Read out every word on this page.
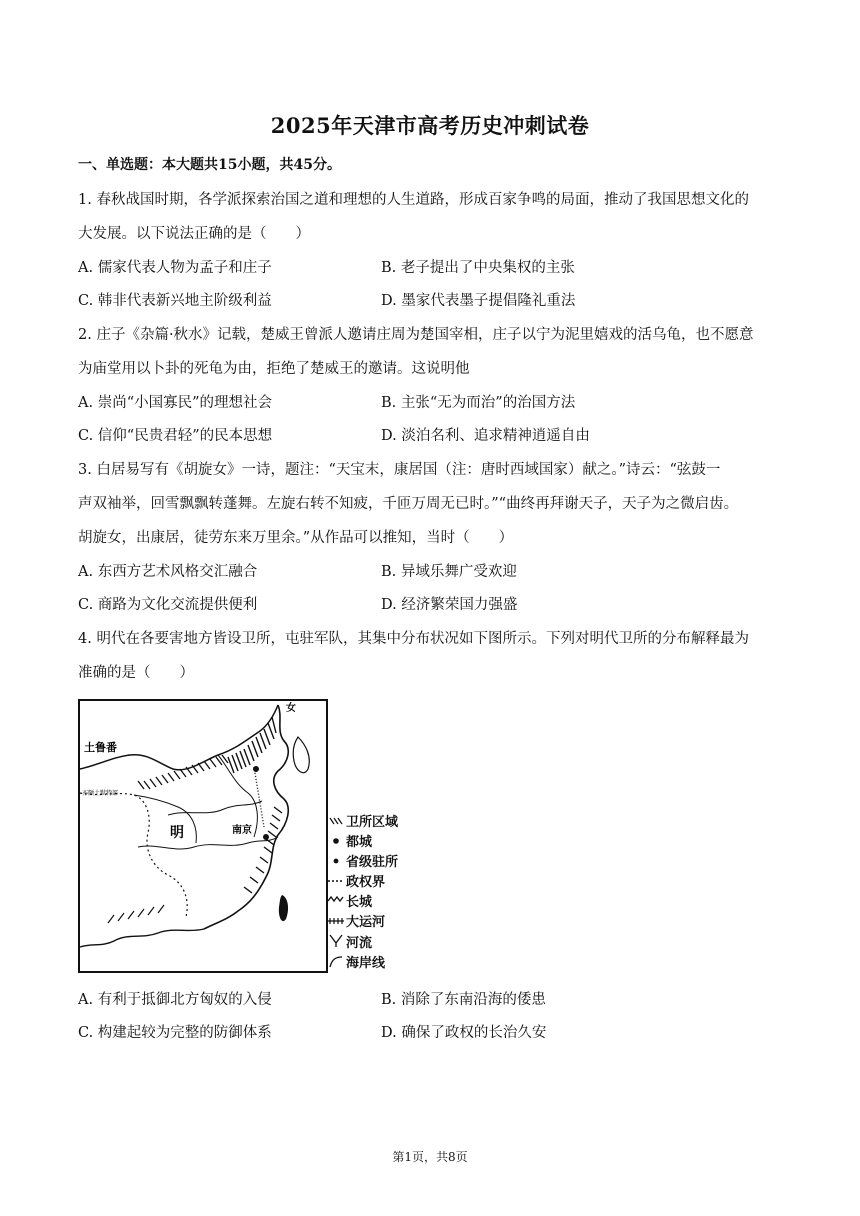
2025年天津市高考历史冲刺试卷
一、单选题：本大题共15小题，共45分。
1. 春秋战国时期，各学派探索治国之道和理想的人生道路，形成百家争鸣的局面，推动了我国思想文化的
大发展。以下说法正确的是（　　）
A. 儒家代表人物为孟子和庄子	B. 老子提出了中央集权的主张
C. 韩非代表新兴地主阶级利益	D. 墨家代表墨子提倡隆礼重法
2. 庄子《杂篇·秋水》记载，楚威王曾派人邀请庄周为楚国宰相，庄子以宁为泥里嬉戏的活乌龟，也不愿意
为庙堂用以卜卦的死龟为由，拒绝了楚威王的邀请。这说明他
A. 崇尚“小国寡民”的理想社会	B. 主张“无为而治”的治国方法
C. 信仰“民贵君轻”的民本思想	D. 淡泊名利、追求精神逍遥自由
3. 白居易写有《胡旋女》一诗，题注：“天宝末，康居国（注：唐时西域国家）献之。”诗云：“弦鼓一
声双袖举，回雪飘飘转蓬舞。左旋右转不知疲，千匝万周无已时。”“曲终再拜谢天子，天子为之微启齿。
胡旋女，出康居，徒劳东来万里余。”从作品可以推知，当时（　　）
A. 东西方艺术风格交汇融合	B. 异域乐舞广受欢迎
C. 商路为文化交流提供便利	D. 经济繁荣国力强盛
4. 明代在各要害地方皆设卫所，屯驻军队，其集中分布状况如下图所示。下列对明代卫所的分布解释最为
准确的是（　　）
土鲁番
亦颇土默特部
明	南京
女
卫所区域
都城
省级驻所
政权界
长城
大运河
河流
海岸线
A. 有利于抵御北方匈奴的入侵	B. 消除了东南沿海的倭患
C. 构建起较为完整的防御体系	D. 确保了政权的长治久安
第1页，共8页
